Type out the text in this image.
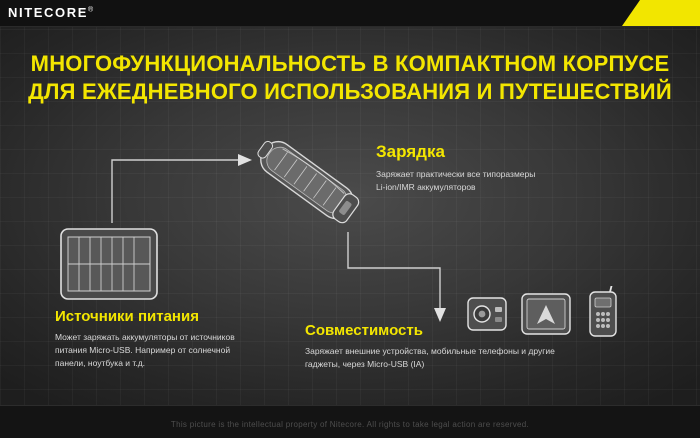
NITECORE®
МНОГОФУНКЦИОНАЛЬНОСТЬ В КОМПАКТНОМ КОРПУСЕ
ДЛЯ ЕЖЕДНЕВНОГО ИСПОЛЬЗОВАНИЯ И ПУТЕШЕСТВИЙ

Зарядка

Заряжает практически все типоразмеры

Li-ion/IMR аккумуляторов

Источники питания

Может заряжать аккумуляторы от источников

питания Micro-USB. Например от солнечной

панели, ноутбука и т.д.

Совместимость

Заряжает внешние устройства, мобильные телефоны и другие

гаджеты, через Micro-USB (IA)

This picture is the intellectual property of Nitecore. All rights to take legal action are reserved.
